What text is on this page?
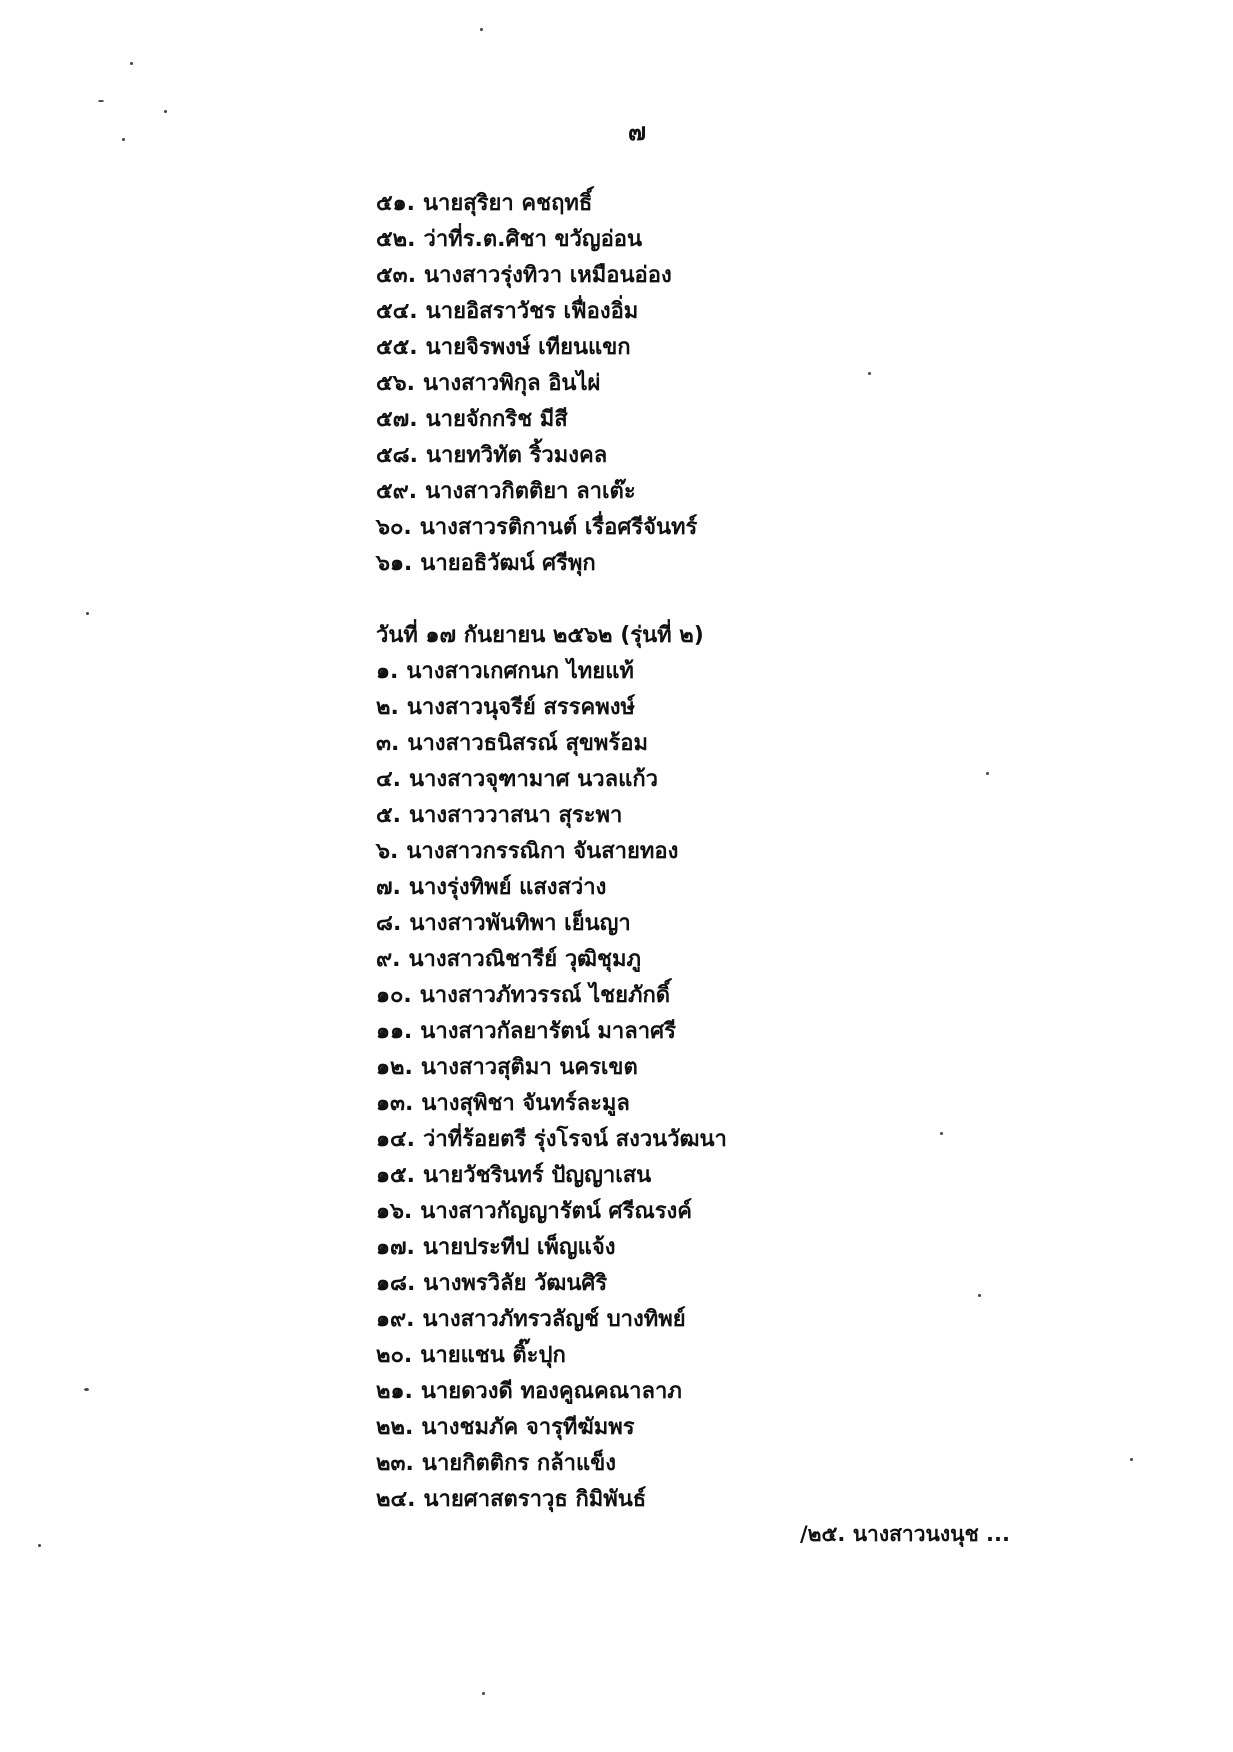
๗
๕๑. นายสุริยา คชฤทธิ์
๕๒. ว่าที่ร.ต.ศิชา ขวัญอ่อน
๕๓. นางสาวรุ่งทิวา เหมือนอ่อง
๕๔. นายอิสราวัชร เฟื่องอิ่ม
๕๕. นายจิรพงษ์ เทียนแขก
๕๖. นางสาวพิกุล อินไผ่
๕๗. นายจักกริช มีสี
๕๘. นายทวิทัต ริ้วมงคล
๕๙. นางสาวกิตติยา ลาเต๊ะ
๖๐. นางสาวรติกานต์ เรื่อศรีจันทร์
๖๑. นายอธิวัฒน์ ศรีพุก
วันที่ ๑๗ กันยายน ๒๕๖๒ (รุ่นที่ ๒)
๑. นางสาวเกศกนก ไทยแท้
๒. นางสาวนุจรีย์ สรรคพงษ์
๓. นางสาวธนิสรณ์ สุขพร้อม
๔. นางสาวจุฑามาศ นวลแก้ว
๕. นางสาววาสนา สุระพา
๖. นางสาวกรรณิกา จันสายทอง
๗. นางรุ่งทิพย์ แสงสว่าง
๘. นางสาวพันทิพา เย็นญา
๙. นางสาวณิชารีย์ วุฒิชุมภู
๑๐. นางสาวภัทวรรณ์ ไชยภักดิ์
๑๑. นางสาวกัลยารัตน์ มาลาศรี
๑๒. นางสาวสุติมา นครเขต
๑๓. นางสุพิชา จันทร์ละมูล
๑๔. ว่าที่ร้อยตรี รุ่งโรจน์ สงวนวัฒนา
๑๕. นายวัชรินทร์ ปัญญาเสน
๑๖. นางสาวกัญญารัตน์ ศรีณรงค์
๑๗. นายประทีป เพ็ญแจ้ง
๑๘. นางพรวิลัย วัฒนศิริ
๑๙. นางสาวภัทรวลัญช์ บางทิพย์
๒๐. นายแชน ติ๊ะปุก
๒๑. นายดวงดี ทองคูณคณาลาภ
๒๒. นางชมภัค จารุทีฆัมพร
๒๓. นายกิตติกร กล้าแข็ง
๒๔. นายศาสตราวุธ กิมิพันธ์
/๒๕. นางสาวนงนุช ...
